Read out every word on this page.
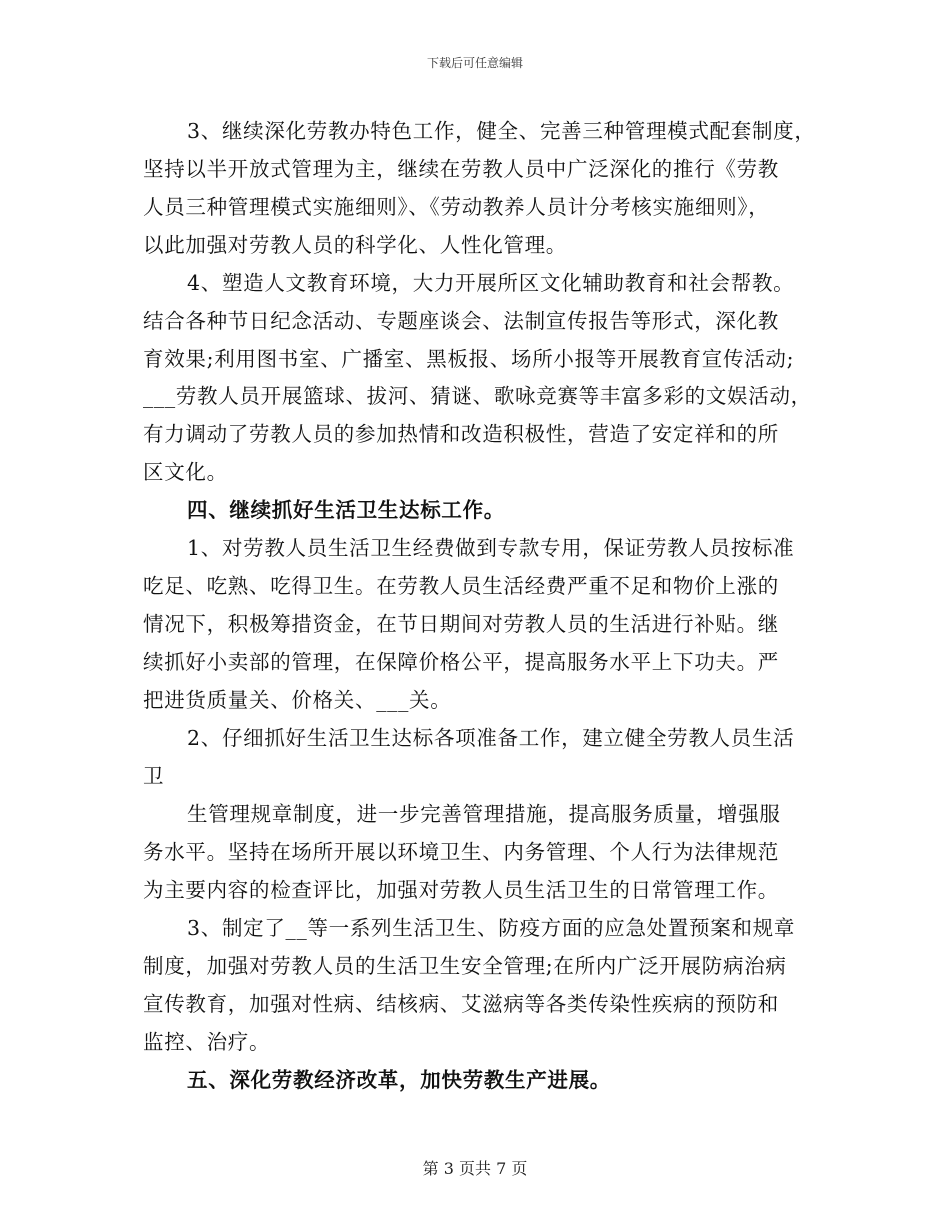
下载后可任意编辑
3、继续深化劳教办特色工作，健全、完善三种管理模式配套制度，
坚持以半开放式管理为主，继续在劳教人员中广泛深化的推行《劳教
人员三种管理模式实施细则》、《劳动教养人员计分考核实施细则》，
以此加强对劳教人员的科学化、人性化管理。
4、塑造人文教育环境，大力开展所区文化辅助教育和社会帮教。
结合各种节日纪念活动、专题座谈会、法制宣传报告等形式，深化教
育效果;利用图书室、广播室、黑板报、场所小报等开展教育宣传活动;
___劳教人员开展篮球、拔河、猜谜、歌咏竞赛等丰富多彩的文娱活动，
有力调动了劳教人员的参加热情和改造积极性，营造了安定祥和的所
区文化。
四、继续抓好生活卫生达标工作。
1、对劳教人员生活卫生经费做到专款专用，保证劳教人员按标准
吃足、吃熟、吃得卫生。在劳教人员生活经费严重不足和物价上涨的
情况下，积极筹措资金，在节日期间对劳教人员的生活进行补贴。继
续抓好小卖部的管理，在保障价格公平，提高服务水平上下功夫。严
把进货质量关、价格关、___关。
2、仔细抓好生活卫生达标各项准备工作，建立健全劳教人员生活
卫
生管理规章制度，进一步完善管理措施，提高服务质量，增强服
务水平。坚持在场所开展以环境卫生、内务管理、个人行为法律规范
为主要内容的检查评比，加强对劳教人员生活卫生的日常管理工作。
3、制定了__等一系列生活卫生、防疫方面的应急处置预案和规章
制度，加强对劳教人员的生活卫生安全管理;在所内广泛开展防病治病
宣传教育，加强对性病、结核病、艾滋病等各类传染性疾病的预防和
监控、治疗。
五、深化劳教经济改革，加快劳教生产进展。
第 3 页共 7 页
